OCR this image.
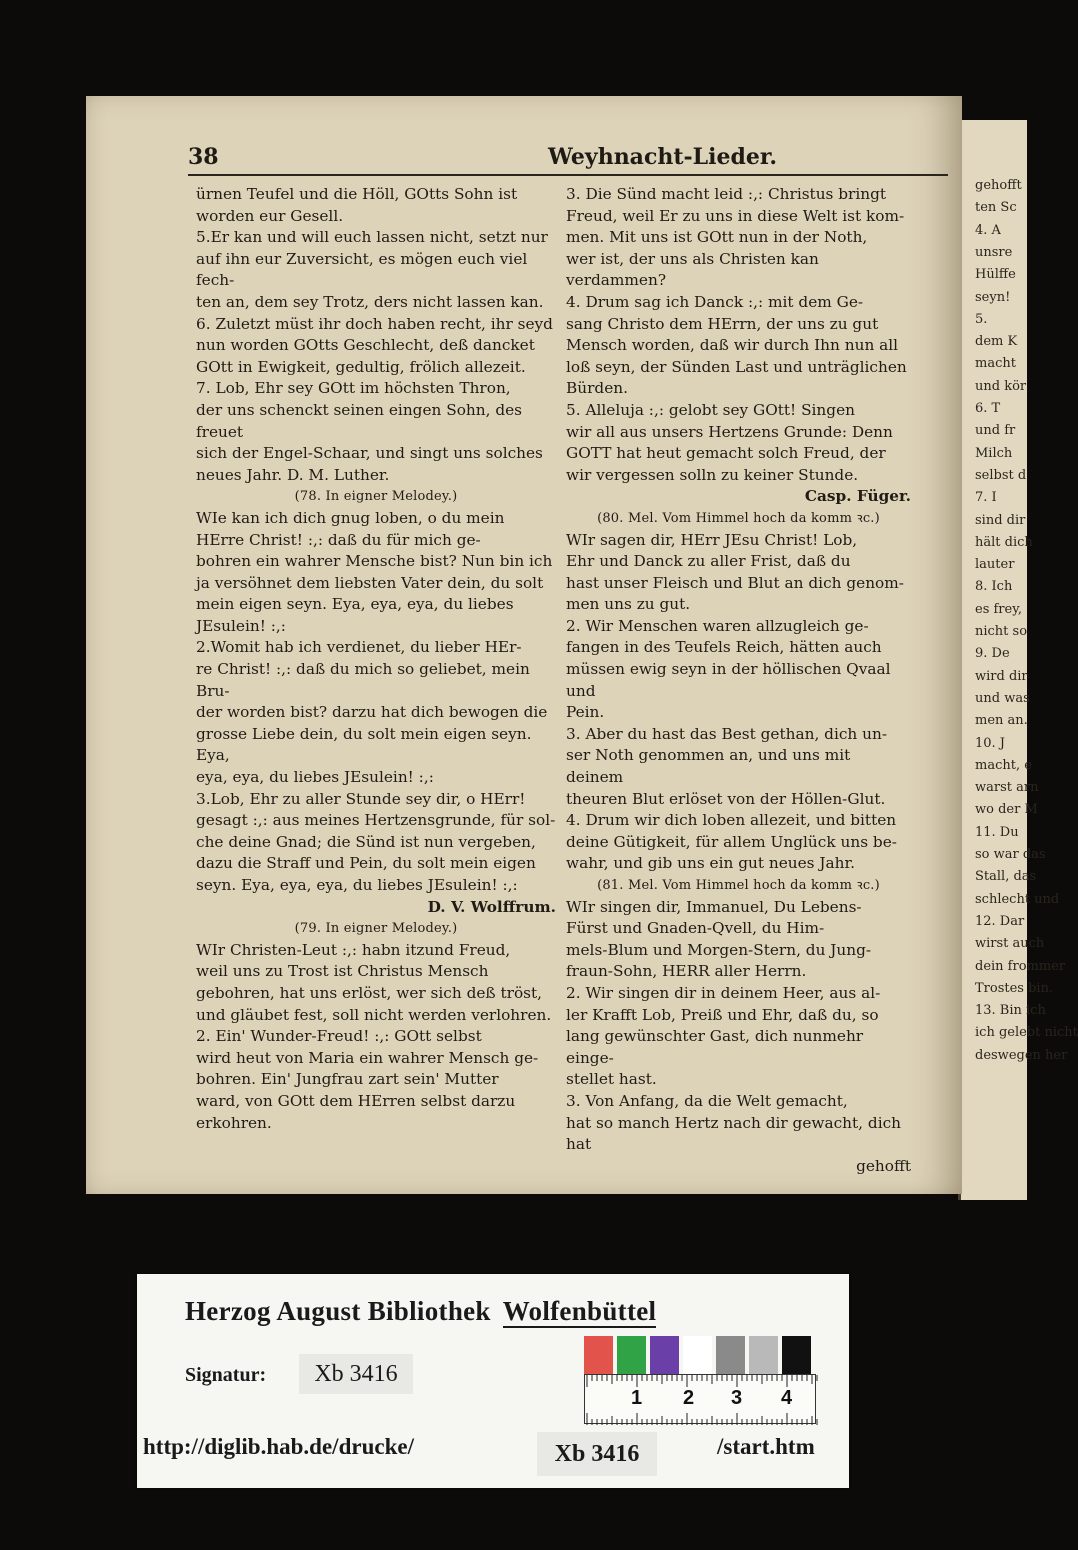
gehofft
ten Sc
4. A
unsre
Hülffe
seyn!
5.
dem K
macht
und kör
6. T
und fr
Milch
selbst d
7. I
sind dir
hält dich
lauter
8. Ich
es frey,
nicht so
9. De
wird dir
und was
men an.
10. J
macht, e
warst arn
wo der M
11. Du
so war das
Stall, das
schlecht und
12. Dar
wirst auch
dein frommer
Trostes bin.
13. Bin ich
ich gelebt nicht
deswegen her
38	Weyhnacht-Lieder.

ürnen Teufel und die Höll, GOtts Sohn ist

worden eur Gesell.

5.Er kan und will euch lassen nicht, setzt nur

auf ihn eur Zuversicht, es mögen euch viel fech-

ten an, dem sey Trotz, ders nicht lassen kan.

6. Zuletzt müst ihr doch haben recht, ihr seyd

nun worden GOtts Geschlecht, deß dancket

GOtt in Ewigkeit, gedultig, frölich allezeit.

7. Lob, Ehr sey GOtt im höchsten Thron,

der uns schenckt seinen eingen Sohn, des freuet

sich der Engel-Schaar, und singt uns solches

neues Jahr. D. M. Luther.

(78. In eigner Melodey.)

WIe kan ich dich gnug loben, o du mein

HErre Christ! :,: daß du für mich ge-

bohren ein wahrer Mensche bist? Nun bin ich

ja versöhnet dem liebsten Vater dein, du solt

mein eigen seyn. Eya, eya, eya, du liebes

JEsulein! :,:

2.Womit hab ich verdienet, du lieber HEr-

re Christ! :,: daß du mich so geliebet, mein Bru-

der worden bist? darzu hat dich bewogen die

grosse Liebe dein, du solt mein eigen seyn. Eya,

eya, eya, du liebes JEsulein! :,:

3.Lob, Ehr zu aller Stunde sey dir, o HErr!

gesagt :,: aus meines Hertzensgrunde, für sol-

che deine Gnad; die Sünd ist nun vergeben,

dazu die Straff und Pein, du solt mein eigen

seyn. Eya, eya, eya, du liebes JEsulein! :,:

D. V. Wolffrum.

(79. In eigner Melodey.)

WIr Christen-Leut :,: habn itzund Freud,

weil uns zu Trost ist Christus Mensch

gebohren, hat uns erlöst, wer sich deß tröst,

und gläubet fest, soll nicht werden verlohren.

2. Ein' Wunder-Freud! :,: GOtt selbst

wird heut von Maria ein wahrer Mensch ge-

bohren. Ein' Jungfrau zart sein' Mutter

ward, von GOtt dem HErren selbst darzu

erkohren.

3. Die Sünd macht leid :,: Christus bringt

Freud, weil Er zu uns in diese Welt ist kom-

men. Mit uns ist GOtt nun in der Noth,

wer ist, der uns als Christen kan verdammen?

4. Drum sag ich Danck :,: mit dem Ge-

sang Christo dem HErrn, der uns zu gut

Mensch worden, daß wir durch Ihn nun all

loß seyn, der Sünden Last und unträglichen

Bürden.

5. Alleluja :,: gelobt sey GOtt! Singen

wir all aus unsers Hertzens Grunde: Denn

GOTT hat heut gemacht solch Freud, der

wir vergessen solln zu keiner Stunde.

Casp. Füger.

(80. Mel. Vom Himmel hoch da komm ꝛc.)

WIr sagen dir, HErr JEsu Christ! Lob,

Ehr und Danck zu aller Frist, daß du

hast unser Fleisch und Blut an dich genom-

men uns zu gut.

2. Wir Menschen waren allzugleich ge-

fangen in des Teufels Reich, hätten auch

müssen ewig seyn in der höllischen Qvaal und

Pein.

3. Aber du hast das Best gethan, dich un-

ser Noth genommen an, und uns mit deinem

theuren Blut erlöset von der Höllen-Glut.

4. Drum wir dich loben allezeit, und bitten

deine Gütigkeit, für allem Unglück uns be-

wahr, und gib uns ein gut neues Jahr.

(81. Mel. Vom Himmel hoch da komm ꝛc.)

WIr singen dir, Immanuel, Du Lebens-

Fürst und Gnaden-Qvell, du Him-

mels-Blum und Morgen-Stern, du Jung-

fraun-Sohn, HERR aller Herrn.

2. Wir singen dir in deinem Heer, aus al-

ler Krafft Lob, Preiß und Ehr, daß du, so

lang gewünschter Gast, dich nunmehr einge-

stellet hast.

3. Von Anfang, da die Welt gemacht,

hat so manch Hertz nach dir gewacht, dich hat

gehofft

Herzog August Bibliothek Wolfenbüttel
Signatur:	Xb 3416
1 2 3 4
http://diglib.hab.de/drucke/	Xb 3416	/start.htm
